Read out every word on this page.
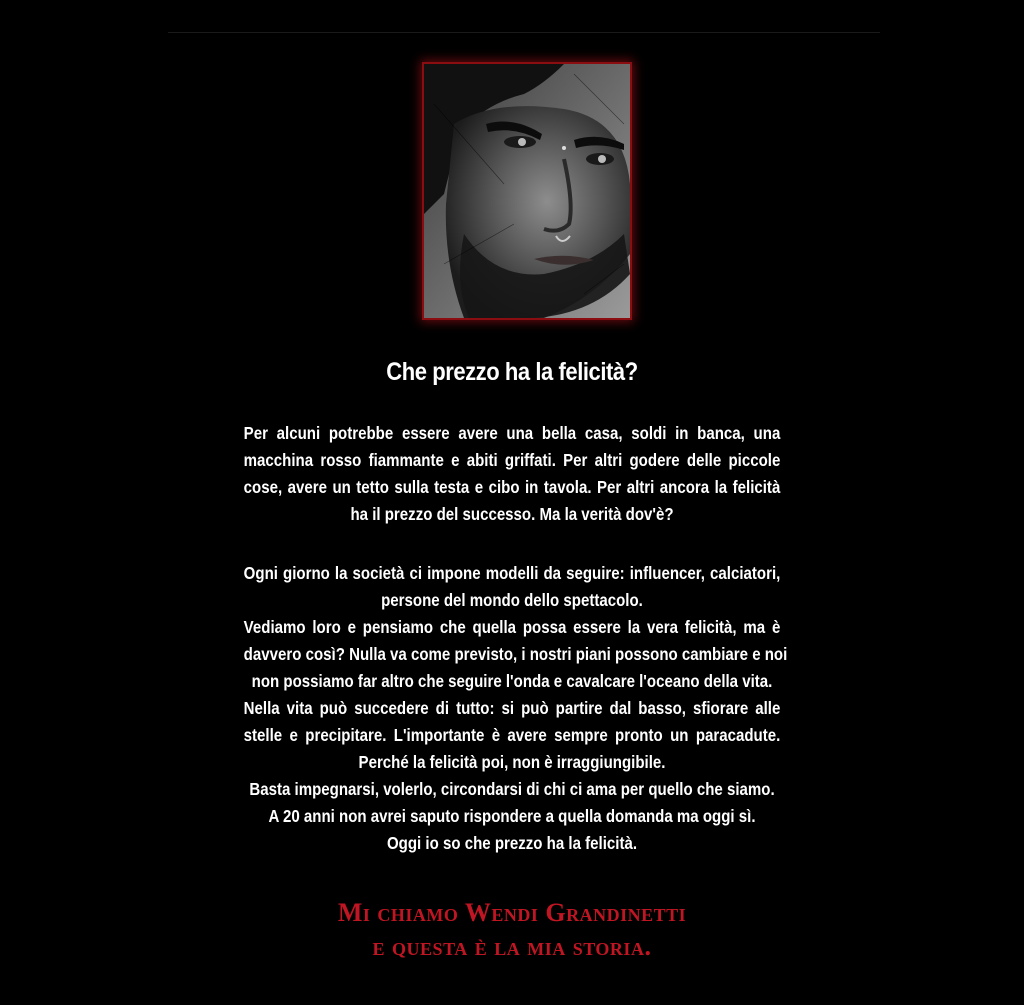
Che prezzo ha la felicità?

Per alcuni potrebbe essere avere una bella casa, soldi in banca, una

macchina rosso fiammante e abiti griffati. Per altri godere delle piccole

cose, avere un tetto sulla testa e cibo in tavola. Per altri ancora la felicità

ha il prezzo del successo. Ma la verità dov'è?

Ogni giorno la società ci impone modelli da seguire: influencer, calciatori,

persone del mondo dello spettacolo.

Vediamo loro e pensiamo che quella possa essere la vera felicità, ma è

davvero così? Nulla va come previsto, i nostri piani possono cambiare e noi

non possiamo far altro che seguire l'onda e cavalcare l'oceano della vita.

Nella vita può succedere di tutto: si può partire dal basso, sfiorare alle

stelle e precipitare. L'importante è avere sempre pronto un paracadute.

Perché la felicità poi, non è irraggiungibile.

Basta impegnarsi, volerlo, circondarsi di chi ci ama per quello che siamo.

A 20 anni non avrei saputo rispondere a quella domanda ma oggi sì.

Oggi io so che prezzo ha la felicità.

Mi chiamo Wendi Grandinetti
e questa è la mia storia.
